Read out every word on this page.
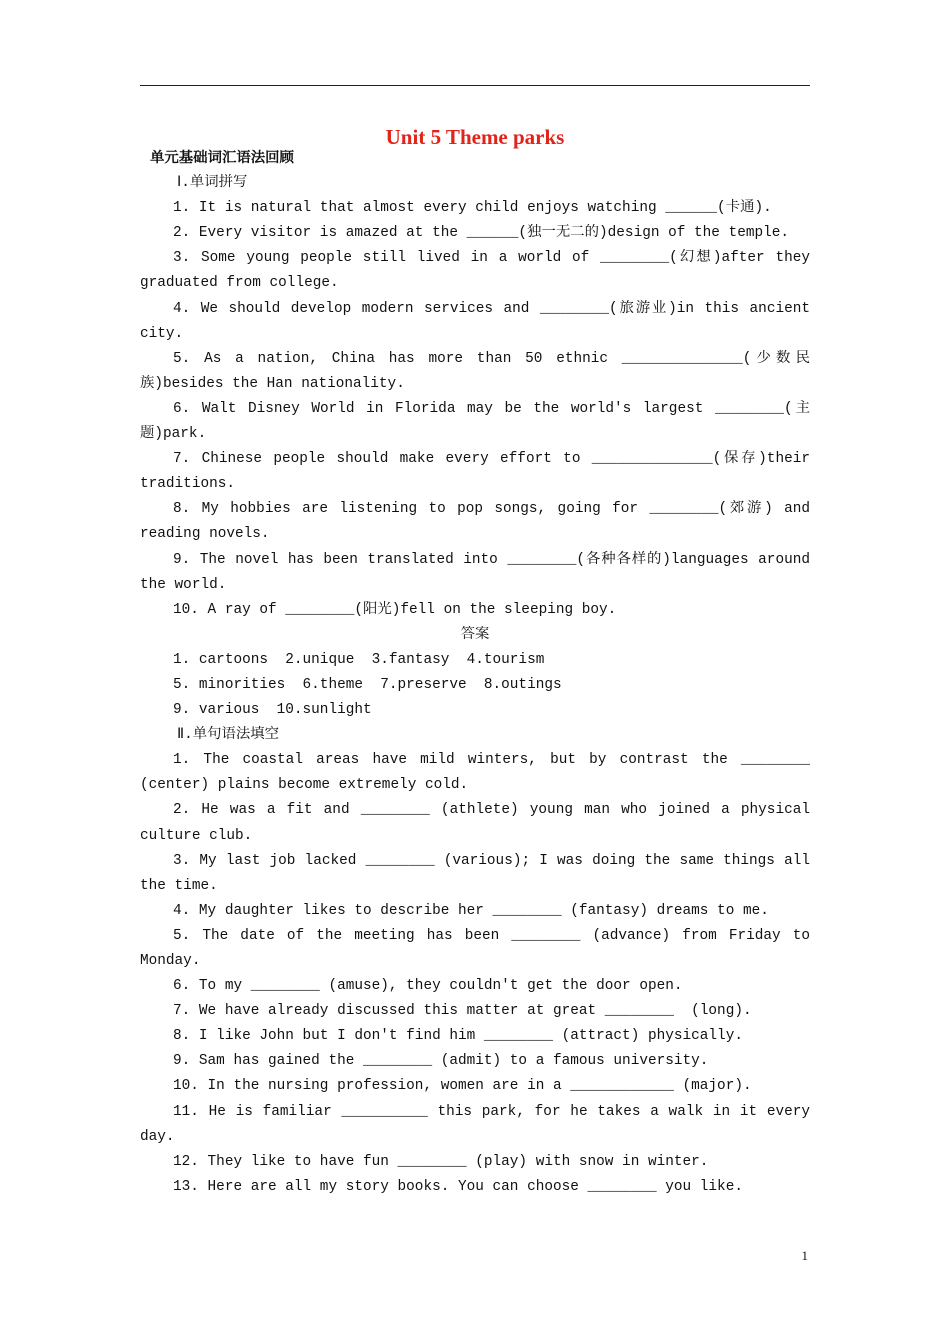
Unit 5 Theme parks
单元基础词汇语法回顾
Ⅰ.单词拼写
1. It is natural that almost every child enjoys watching ______(卡通).
2. Every visitor is amazed at the ______(独一无二的)design of the temple.
3. Some young people still lived in a world of ________(幻想)after they
graduated from college.
4. We should develop modern services and ________(旅游业)in this ancient
city.
5. As a nation, China has more than 50 ethnic ______________(少数民
族)besides the Han nationality.
6. Walt Disney World in Florida may be the world's largest ________(主
题)park.
7. Chinese people should make every effort to ______________(保存)their
traditions.
8. My hobbies are listening to pop songs, going for ________(郊游) and
reading novels.
9. The novel has been translated into ________(各种各样的)languages around
the world.
10. A ray of ________(阳光)fell on the sleeping boy.
答案
1. cartoons  2.unique  3.fantasy  4.tourism
5. minorities  6.theme  7.preserve  8.outings
9. various  10.sunlight
Ⅱ.单句语法填空
1. The coastal areas have mild winters, but by contrast the ________
(center) plains become extremely cold.
2. He was a fit and ________ (athlete) young man who joined a physical
culture club.
3. My last job lacked ________ (various); I was doing the same things all
the time.
4. My daughter likes to describe her ________ (fantasy) dreams to me.
5. The date of the meeting has been ________ (advance) from Friday to
Monday.
6. To my ________ (amuse), they couldn't get the door open.
7. We have already discussed this matter at great ________  (long).
8. I like John but I don't find him ________ (attract) physically.
9. Sam has gained the ________ (admit) to a famous university.
10. In the nursing profession, women are in a ____________ (major).
11. He is familiar __________ this park, for he takes a walk in it every
day.
12. They like to have fun ________ (play) with snow in winter.
13. Here are all my story books. You can choose ________ you like.
1
